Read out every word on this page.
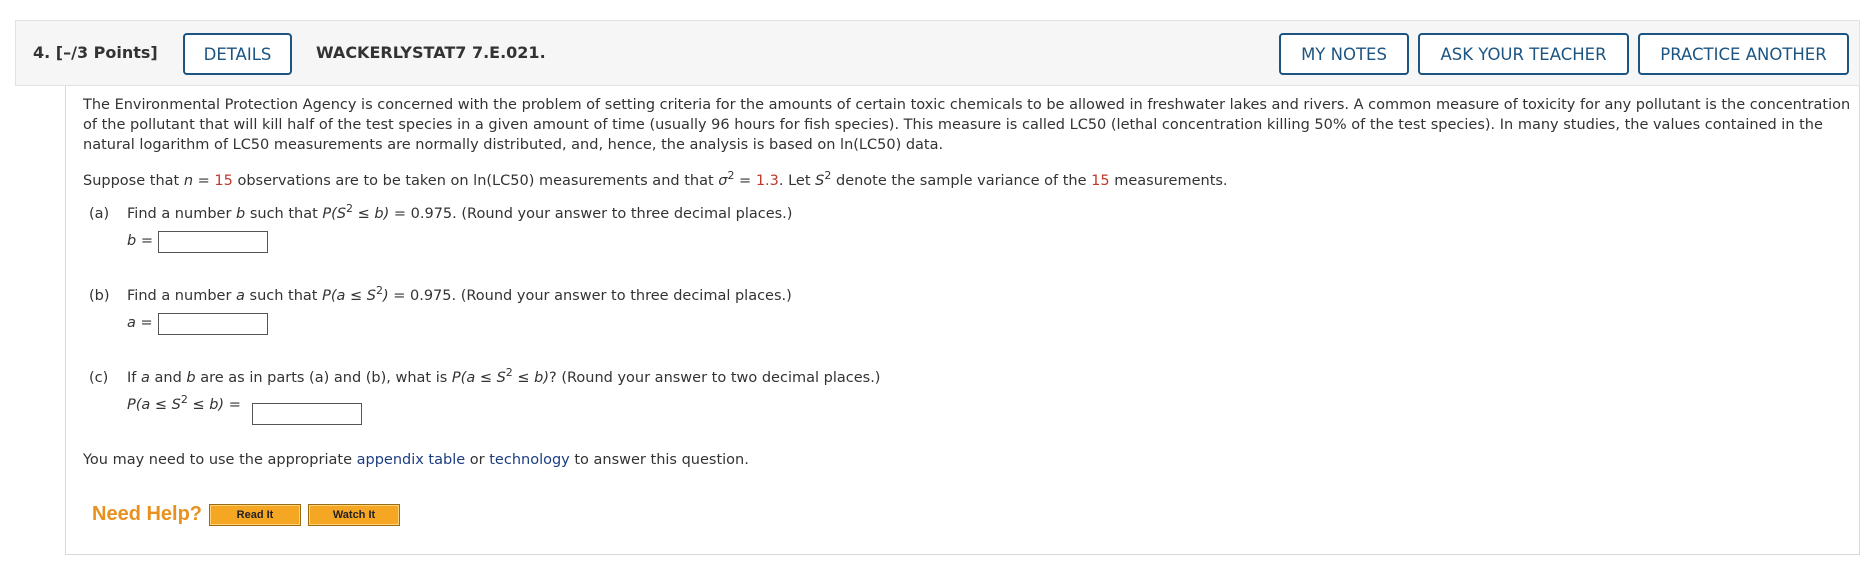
4. [–/3 Points]	DETAILS	WACKERLYSTAT7 7.E.021.	MY NOTES	ASK YOUR TEACHER	PRACTICE ANOTHER
The Environmental Protection Agency is concerned with the problem of setting criteria for the amounts of certain toxic chemicals to be allowed in freshwater lakes and rivers. A common measure of toxicity for any pollutant is the concentration of the pollutant that will kill half of the test species in a given amount of time (usually 96 hours for fish species). This measure is called LC50 (lethal concentration killing 50% of the test species). In many studies, the values contained in the natural logarithm of LC50 measurements are normally distributed, and, hence, the analysis is based on ln(LC50) data.
Suppose that n = 15 observations are to be taken on ln(LC50) measurements and that $\sigma^2 = 1.3$. Let $S^2$ denote the sample variance of the 15 measurements.
(a) Find a number b such that $P(S^2 \le b) = 0.975$. (Round your answer to three decimal places.)
b =
(b) Find a number a such that $P(a \le S^2) = 0.975$. (Round your answer to three decimal places.)
a =
(c) If a and b are as in parts (a) and (b), what is $P(a \le S^2 \le b)$? (Round your answer to two decimal places.)
$P(a \le S^2 \le b)$ =
You may need to use the appropriate appendix table or technology to answer this question.
Need Help?	Read It	Watch It
